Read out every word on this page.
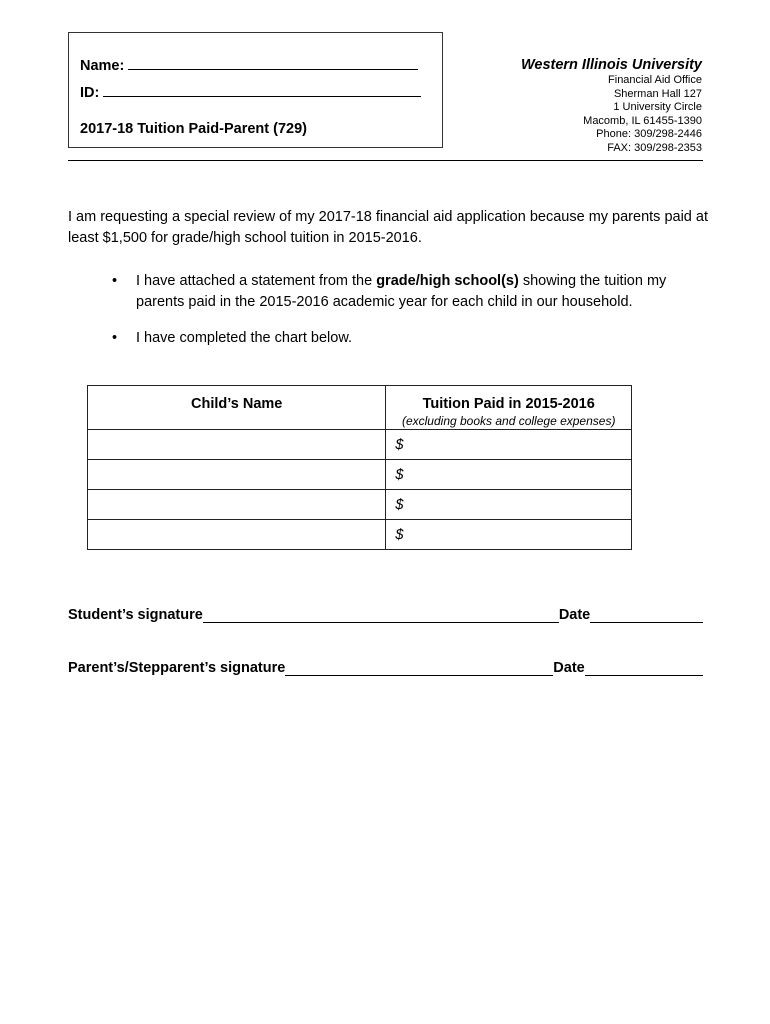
Name:
ID:
2017-18 Tuition Paid-Parent (729)
Western Illinois University
Financial Aid Office
Sherman Hall 127
1 University Circle
Macomb, IL 61455-1390
Phone: 309/298-2446
FAX: 309/298-2353
I am requesting a special review of my 2017-18 financial aid application because my parents paid at least $1,500 for grade/high school tuition in 2015-2016.
• I have attached a statement from the grade/high school(s) showing the tuition my parents paid in the 2015-2016 academic year for each child in our household.
• I have completed the chart below.
Child’s Name	Tuition Paid in 2015-2016
(excluding books and college expenses)

	$
	$
	$
	$
Student’s signature	Date
Parent’s/Stepparent’s signature	Date
